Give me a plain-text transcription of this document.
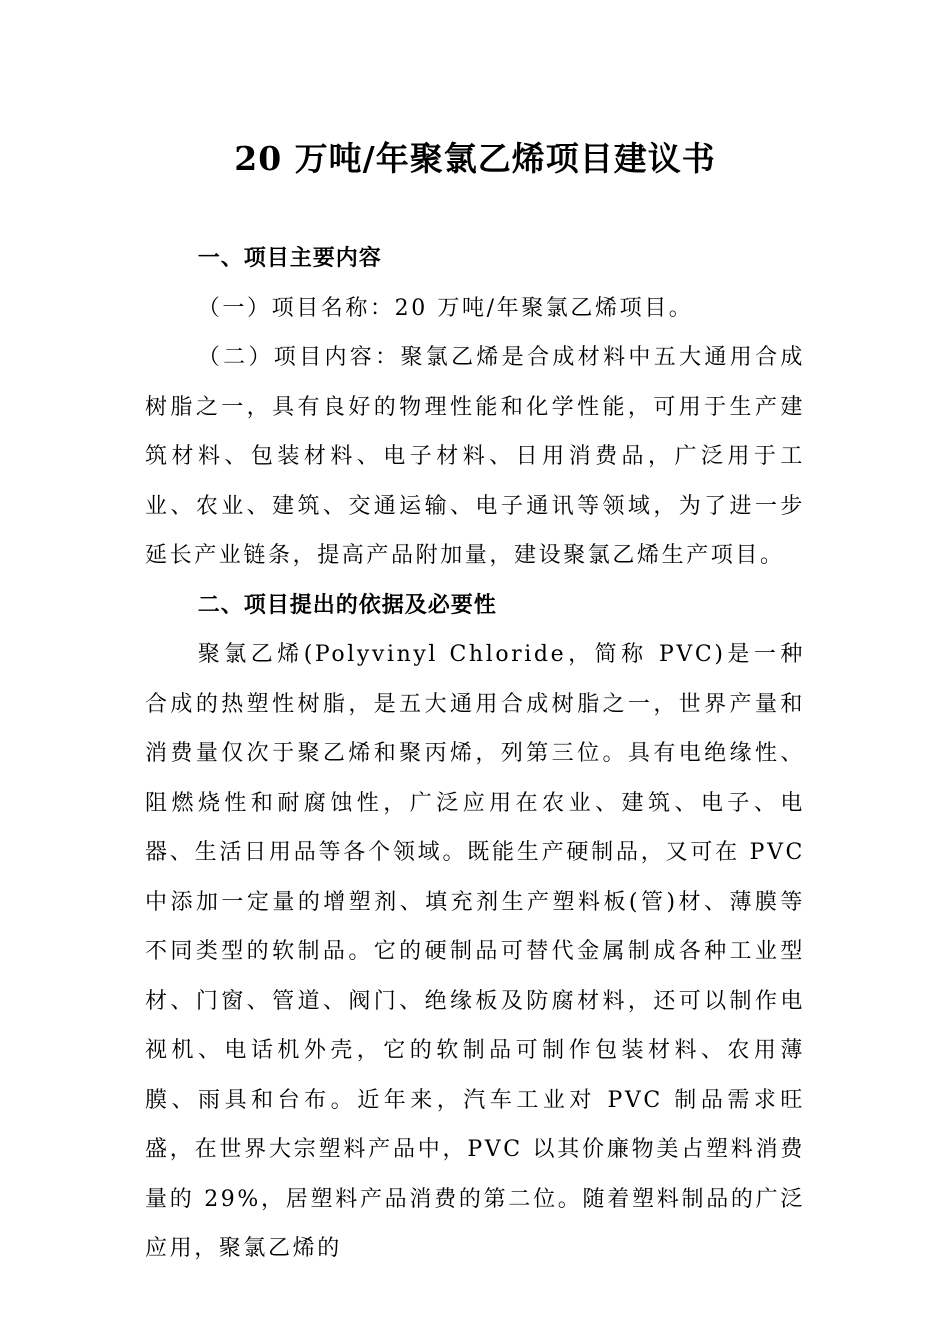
20 万吨/年聚氯乙烯项目建议书
一、项目主要内容

（一）项目名称：20 万吨/年聚氯乙烯项目。

（二）项目内容：聚氯乙烯是合成材料中五大通用合成树脂之一，具有良好的物理性能和化学性能，可用于生产建筑材料、包装材料、电子材料、日用消费品，广泛用于工业、农业、建筑、交通运输、电子通讯等领域，为了进一步延长产业链条，提高产品附加量，建设聚氯乙烯生产项目。

二、项目提出的依据及必要性

聚氯乙烯(Polyvinyl Chloride，简称 PVC)是一种合成的热塑性树脂，是五大通用合成树脂之一，世界产量和消费量仅次于聚乙烯和聚丙烯，列第三位。具有电绝缘性、阻燃烧性和耐腐蚀性，广泛应用在农业、建筑、电子、电器、生活日用品等各个领域。既能生产硬制品，又可在 PVC 中添加一定量的增塑剂、填充剂生产塑料板(管)材、薄膜等不同类型的软制品。它的硬制品可替代金属制成各种工业型材、门窗、管道、阀门、绝缘板及防腐材料，还可以制作电视机、电话机外壳，它的软制品可制作包装材料、农用薄膜、雨具和台布。近年来，汽车工业对 PVC 制品需求旺盛，在世界大宗塑料产品中，PVC 以其价廉物美占塑料消费量的 29%，居塑料产品消费的第二位。随着塑料制品的广泛应用，聚氯乙烯的
